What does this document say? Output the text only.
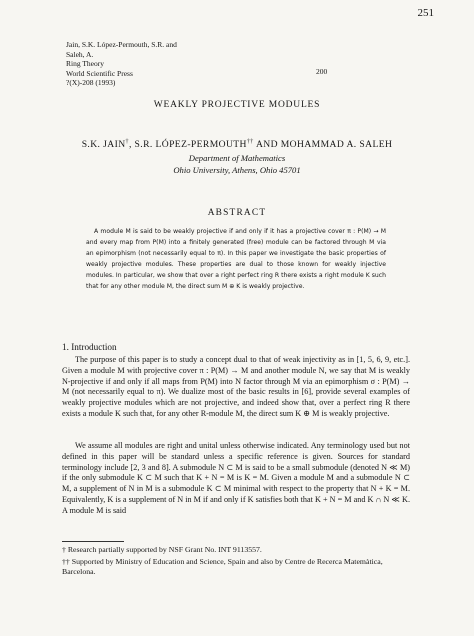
251
Jain, S.K. López-Permouth, S.R. and
Saleh, A.
Ring Theory
World Scientific Press
?(X)-208 (1993)
200
WEAKLY PROJECTIVE MODULES
S.K. JAIN†, S.R. LÓPEZ-PERMOUTH†† AND MOHAMMAD A. SALEH
Department of Mathematics
Ohio University, Athens, Ohio 45701
ABSTRACT

A module M is said to be weakly projective if and only if it has a projective cover π : P(M) → M and every map from P(M) into a finitely generated (free) module can be factored through M via an epimorphism (not necessarily equal to π). In this paper we investigate the basic properties of weakly projective modules. These properties are dual to those known for weakly injective modules. In particular, we show that over a right perfect ring R there exists a right module K such that for any other module M, the direct sum M ⊕ K is weakly projective.

1. Introduction

The purpose of this paper is to study a concept dual to that of weak injectivity as in [1, 5, 6, 9, etc.]. Given a module M with projective cover π : P(M) → M and another module N, we say that M is weakly N-projective if and only if all maps from P(M) into N factor through M via an epimorphism σ : P(M) → M (not necessarily equal to π). We dualize most of the basic results in [6], provide several examples of weakly projective modules which are not projective, and indeed show that, over a perfect ring R there exists a module K such that, for any other R-module M, the direct sum K ⊕ M is weakly projective.

We assume all modules are right and unital unless otherwise indicated. Any terminology used but not defined in this paper will be standard unless a specific reference is given. Sources for standard terminology include [2, 3 and 8]. A submodule N ⊂ M is said to be a small submodule (denoted N ≪ M) if the only submodule K ⊂ M such that K + N = M is K = M. Given a module M and a submodule N ⊂ M, a supplement of N in M is a submodule K ⊂ M minimal with respect to the property that N + K = M. Equivalently, K is a supplement of N in M if and only if K satisfies both that K + N = M and K ∩ N ≪ K. A module M is said

† Research partially supported by NSF Grant No. INT 9113557.
†† Supported by Ministry of Education and Science, Spain and also by Centre de Recerca Matemàtica, Barcelona.
